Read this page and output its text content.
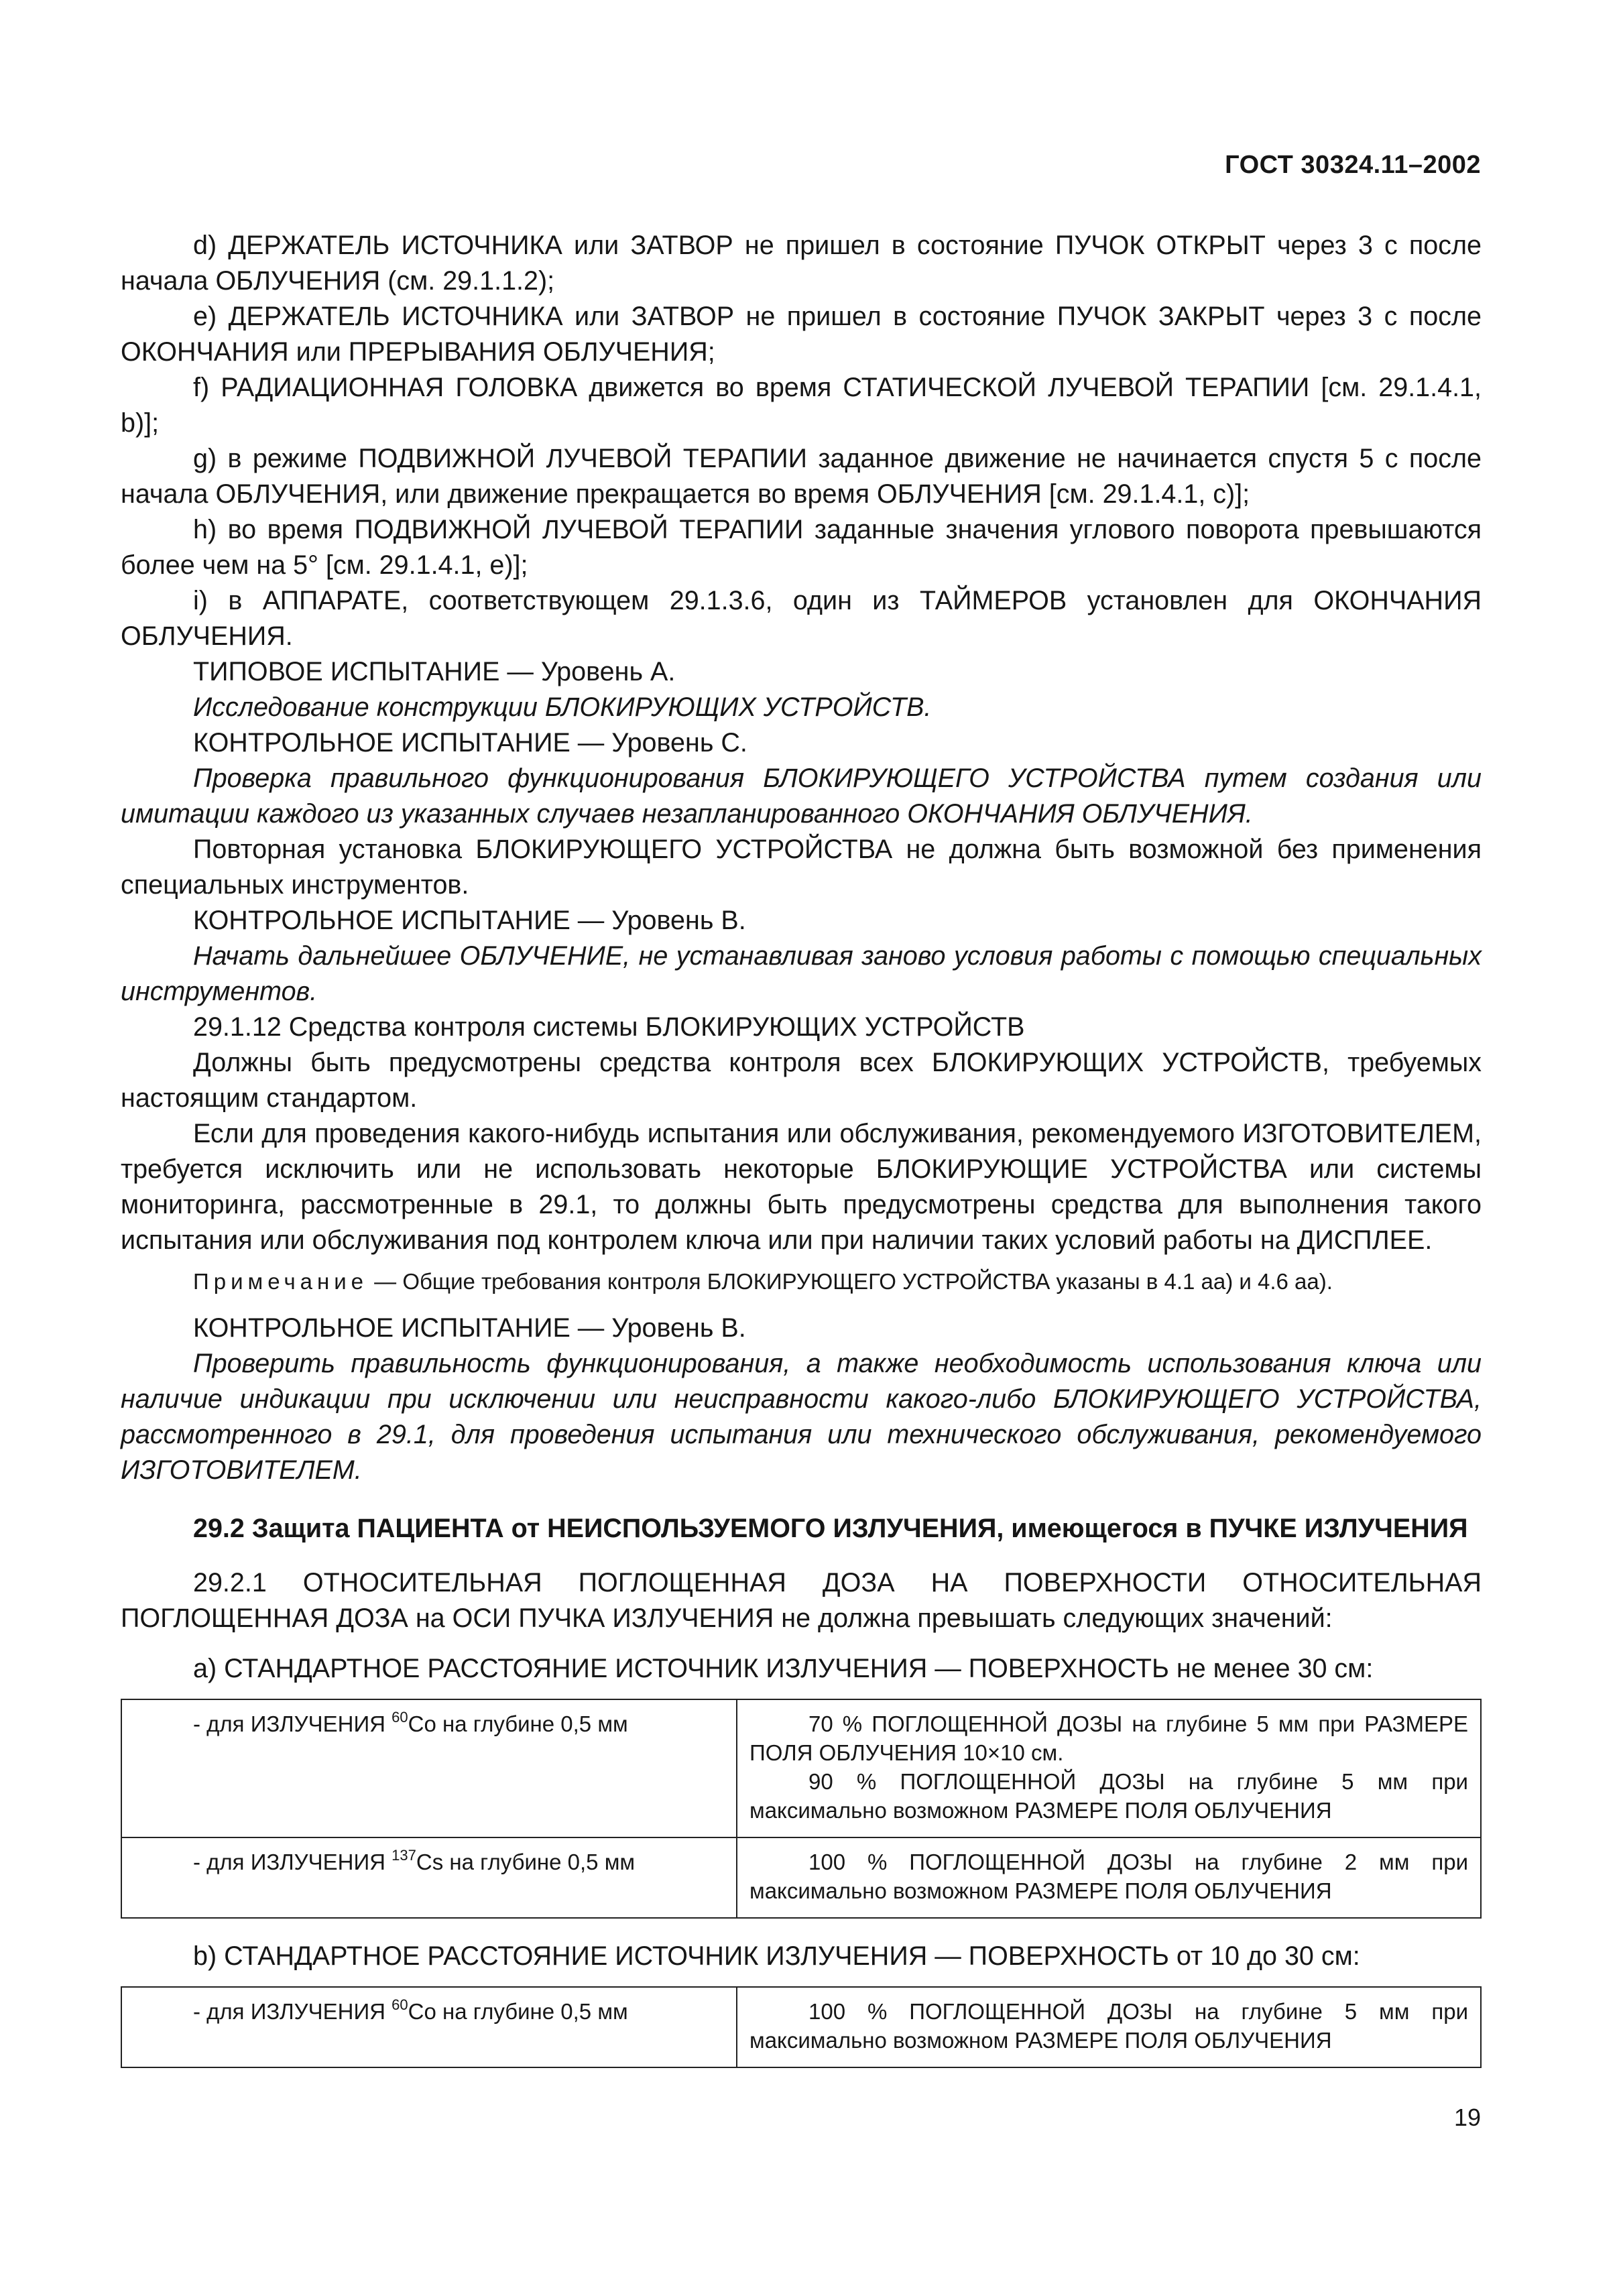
ГОСТ 30324.11–2002

d) ДЕРЖАТЕЛЬ ИСТОЧНИКА или ЗАТВОР не пришел в состояние ПУЧОК ОТКРЫТ через 3 с после начала ОБЛУЧЕНИЯ (см. 29.1.1.2);

e) ДЕРЖАТЕЛЬ ИСТОЧНИКА или ЗАТВОР не пришел в состояние ПУЧОК ЗАКРЫТ через 3 с после ОКОНЧАНИЯ или ПРЕРЫВАНИЯ ОБЛУЧЕНИЯ;

f) РАДИАЦИОННАЯ ГОЛОВКА движется во время СТАТИЧЕСКОЙ ЛУЧЕВОЙ ТЕРАПИИ [см. 29.1.4.1, b)];

g) в режиме ПОДВИЖНОЙ ЛУЧЕВОЙ ТЕРАПИИ заданное движение не начинается спустя 5 с после начала ОБЛУЧЕНИЯ, или движение прекращается во время ОБЛУЧЕНИЯ [см. 29.1.4.1, c)];

h) во время ПОДВИЖНОЙ ЛУЧЕВОЙ ТЕРАПИИ заданные значения углового поворота превышаются более чем на 5° [см. 29.1.4.1, e)];

i) в АППАРАТЕ, соответствующем 29.1.3.6, один из ТАЙМЕРОВ установлен для ОКОНЧАНИЯ ОБЛУЧЕНИЯ.

ТИПОВОЕ ИСПЫТАНИЕ — Уровень А.

Исследование конструкции БЛОКИРУЮЩИХ УСТРОЙСТВ.

КОНТРОЛЬНОЕ ИСПЫТАНИЕ — Уровень С.

Проверка правильного функционирования БЛОКИРУЮЩЕГО УСТРОЙСТВА путем создания или имитации каждого из указанных случаев незапланированного ОКОНЧАНИЯ ОБЛУЧЕНИЯ.

Повторная установка БЛОКИРУЮЩЕГО УСТРОЙСТВА не должна быть возможной без применения специальных инструментов.

КОНТРОЛЬНОЕ ИСПЫТАНИЕ — Уровень В.

Начать дальнейшее ОБЛУЧЕНИЕ, не устанавливая заново условия работы с помощью специальных инструментов.

29.1.12 Средства контроля системы БЛОКИРУЮЩИХ УСТРОЙСТВ

Должны быть предусмотрены средства контроля всех БЛОКИРУЮЩИХ УСТРОЙСТВ, требуемых настоящим стандартом.

Если для проведения какого-нибудь испытания или обслуживания, рекомендуемого ИЗГОТОВИТЕЛЕМ, требуется исключить или не использовать некоторые БЛОКИРУЮЩИЕ УСТРОЙСТВА или системы мониторинга, рассмотренные в 29.1, то должны быть предусмотрены средства для выполнения такого испытания или обслуживания под контролем ключа или при наличии таких условий работы на ДИСПЛЕЕ.

Примечание — Общие требования контроля БЛОКИРУЮЩЕГО УСТРОЙСТВА указаны в 4.1 аа) и 4.6 аа).

КОНТРОЛЬНОЕ ИСПЫТАНИЕ — Уровень В.

Проверить правильность функционирования, а также необходимость использования ключа или наличие индикации при исключении или неисправности какого-либо БЛОКИРУЮЩЕГО УСТРОЙСТВА, рассмотренного в 29.1, для проведения испытания или технического обслуживания, рекомендуемого ИЗГОТОВИТЕЛЕМ.

29.2 Защита ПАЦИЕНТА от НЕИСПОЛЬЗУЕМОГО ИЗЛУЧЕНИЯ, имеющегося в ПУЧКЕ ИЗЛУЧЕНИЯ

29.2.1 ОТНОСИТЕЛЬНАЯ ПОГЛОЩЕННАЯ ДОЗА НА ПОВЕРХНОСТИ ОТНОСИТЕЛЬНАЯ ПОГЛОЩЕННАЯ ДОЗА на ОСИ ПУЧКА ИЗЛУЧЕНИЯ не должна превышать следующих значений:

a) СТАНДАРТНОЕ РАССТОЯНИЕ ИСТОЧНИК ИЗЛУЧЕНИЯ — ПОВЕРХНОСТЬ не менее 30 см:

- для ИЗЛУЧЕНИЯ $^{60}$Co на глубине 0,5 мм	70 % ПОГЛОЩЕННОЙ ДОЗЫ на глубине 5 мм при РАЗМЕРЕ ПОЛЯ ОБЛУЧЕНИЯ 10×10 см.
90 % ПОГЛОЩЕННОЙ ДОЗЫ на глубине 5 мм при максимально возможном РАЗМЕРЕ ПОЛЯ ОБЛУЧЕНИЯ

- для ИЗЛУЧЕНИЯ $^{137}$Cs на глубине 0,5 мм	100 % ПОГЛОЩЕННОЙ ДОЗЫ на глубине 2 мм при максимально возможном РАЗМЕРЕ ПОЛЯ ОБЛУЧЕНИЯ

b) СТАНДАРТНОЕ РАССТОЯНИЕ ИСТОЧНИК ИЗЛУЧЕНИЯ — ПОВЕРХНОСТЬ от 10 до 30 см:

- для ИЗЛУЧЕНИЯ $^{60}$Co на глубине 0,5 мм	100 % ПОГЛОЩЕННОЙ ДОЗЫ на глубине 5 мм при максимально возможном РАЗМЕРЕ ПОЛЯ ОБЛУЧЕНИЯ
19
